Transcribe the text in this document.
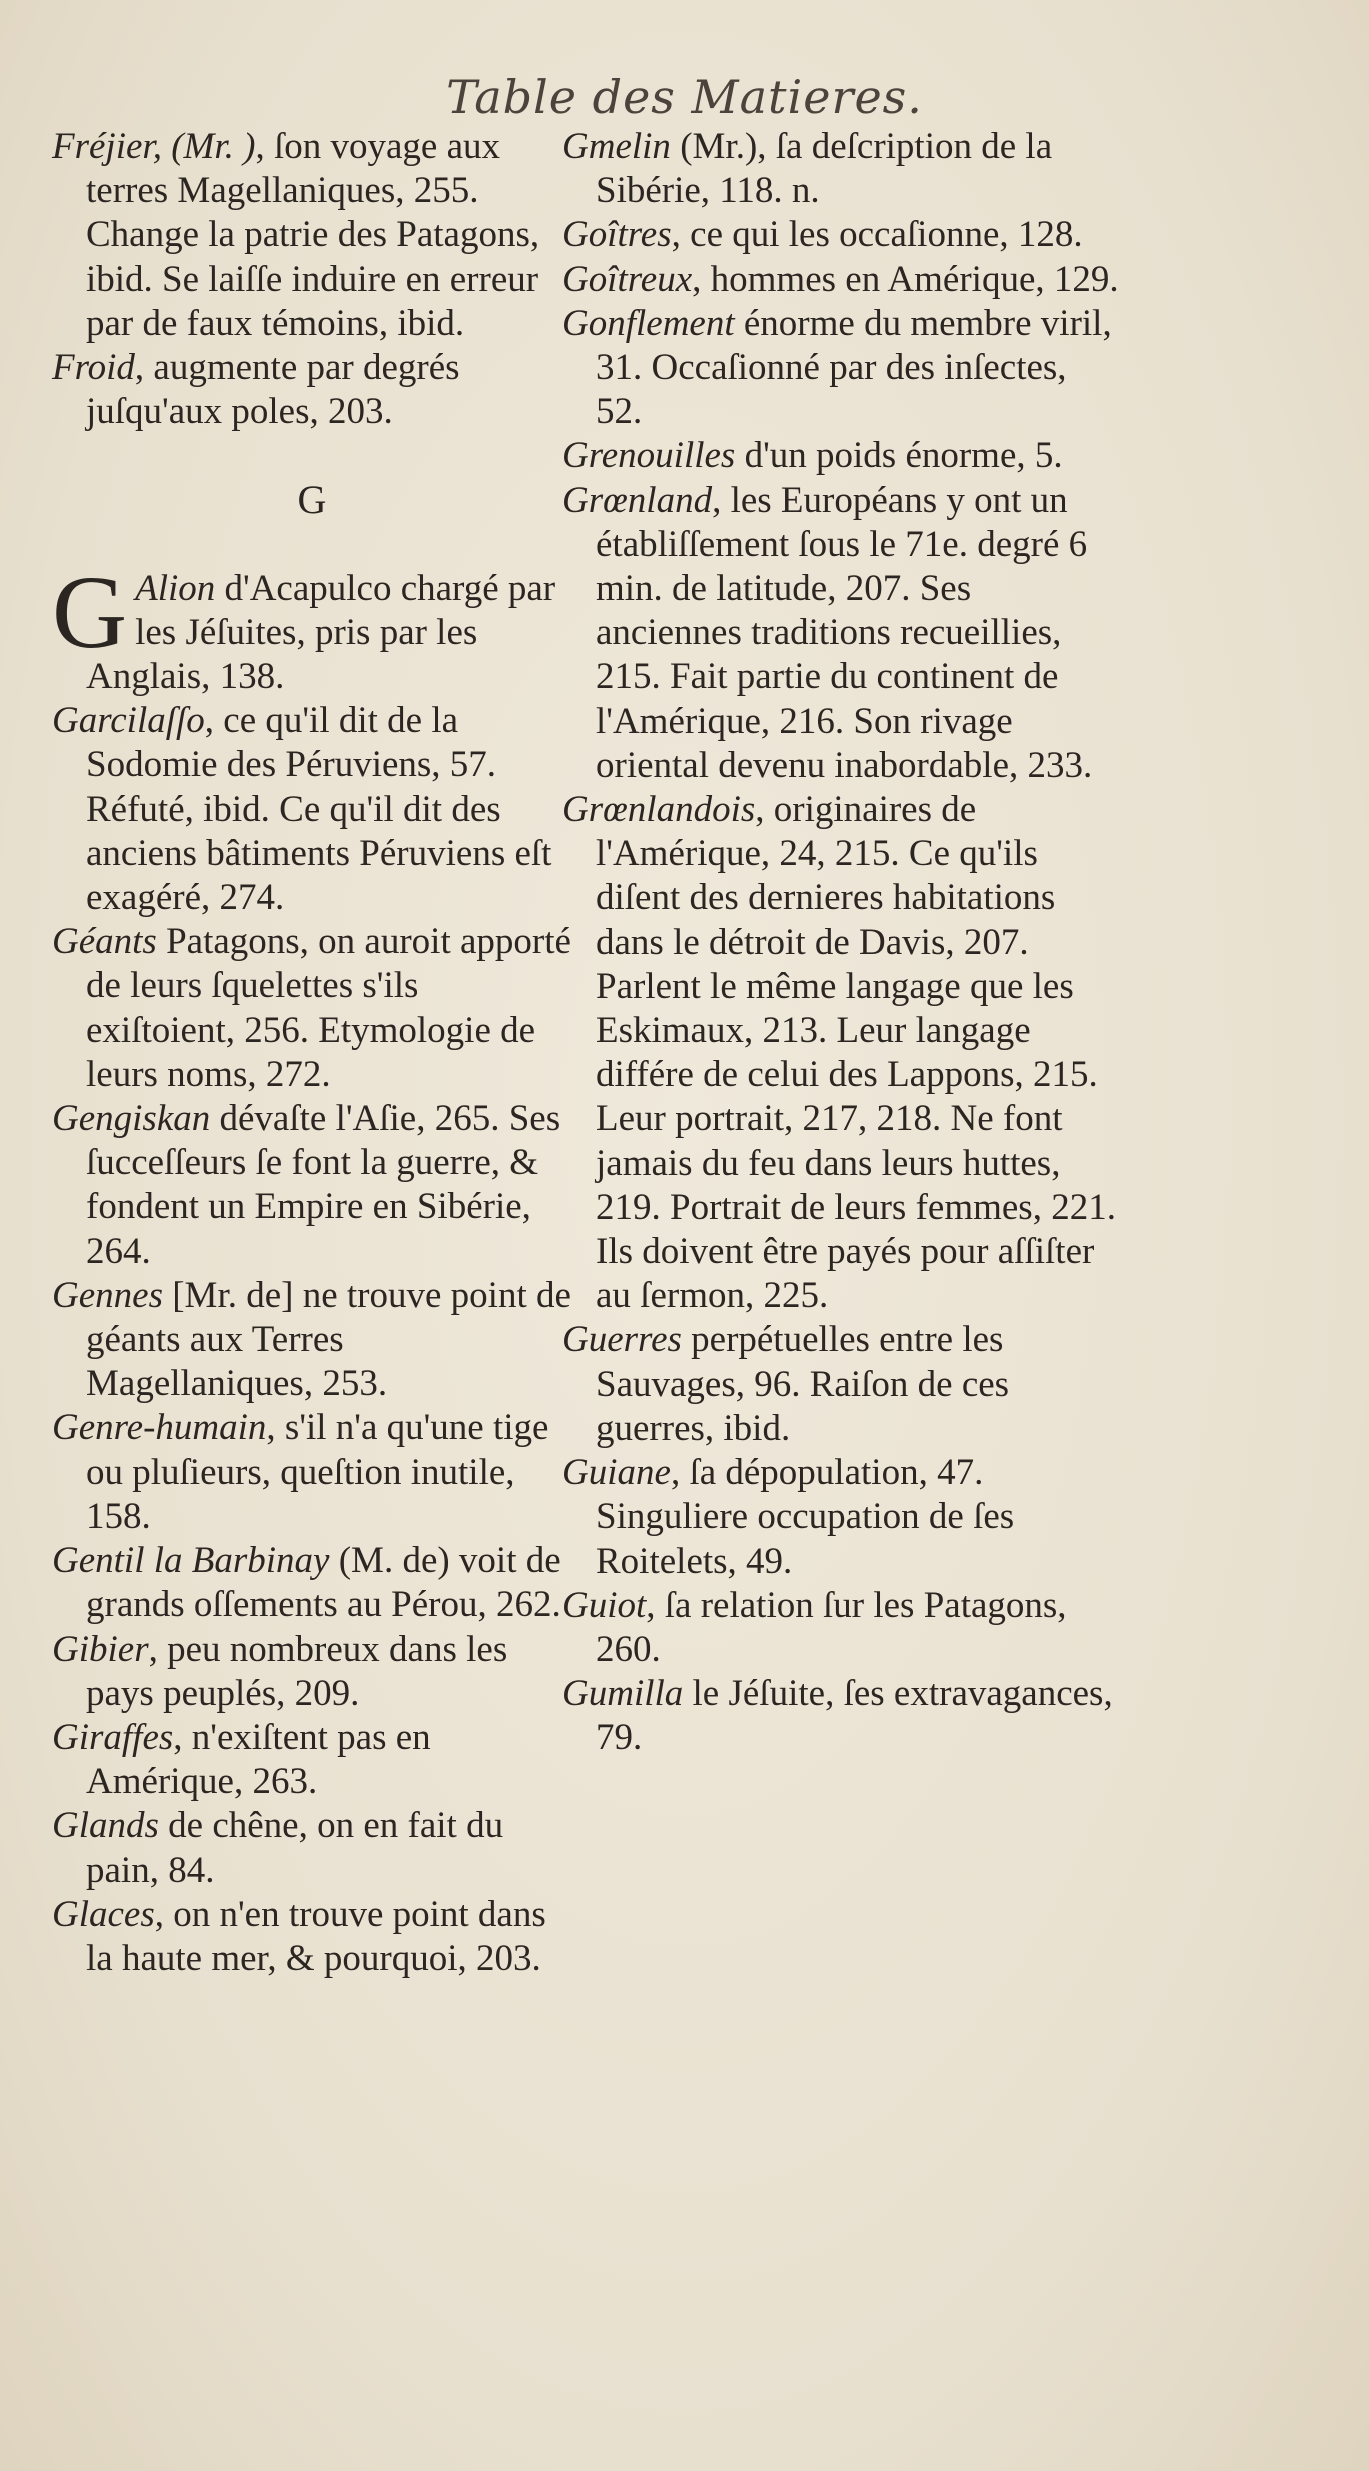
Table des Matieres.

Fréjier, (Mr. ), ſon voyage aux terres Magellaniques, 255. Change la patrie des Patagons, ibid. Se laiſſe induire en erreur par de faux témoins, ibid.

Froid, augmente par degrés juſqu'aux poles, 203.

G

G Alion d'Acapulco chargé par les Jéſuites, pris par les Anglais, 138.

Garcilaſſo, ce qu'il dit de la Sodomie des Péruviens, 57. Réfuté, ibid. Ce qu'il dit des anciens bâtiments Péruviens eſt exagéré, 274.

Géants Patagons, on auroit apporté de leurs ſquelettes s'ils exiſtoient, 256. Etymologie de leurs noms, 272.

Gengiskan dévaſte l'Aſie, 265. Ses ſucceſſeurs ſe font la guerre, & fondent un Empire en Sibérie, 264.

Gennes [Mr. de] ne trouve point de géants aux Terres Magellaniques, 253.

Genre-humain, s'il n'a qu'une tige ou pluſieurs, queſtion inutile, 158.

Gentil la Barbinay (M. de) voit de grands oſſements au Pérou, 262.

Gibier, peu nombreux dans les pays peuplés, 209.

Giraffes, n'exiſtent pas en Amérique, 263.

Glands de chêne, on en fait du pain, 84.

Glaces, on n'en trouve point dans la haute mer, & pourquoi, 203.

Gmelin (Mr.), ſa deſcription de la Sibérie, 118. n.

Goîtres, ce qui les occaſionne, 128.

Goîtreux, hommes en Amérique, 129.

Gonflement énorme du membre viril, 31. Occaſionné par des inſectes, 52.

Grenouilles d'un poids énorme, 5.

Grœnland, les Européans y ont un établiſſement ſous le 71e. degré 6 min. de latitude, 207. Ses anciennes traditions recueillies, 215. Fait partie du continent de l'Amérique, 216. Son rivage oriental devenu inabordable, 233.

Grœnlandois, originaires de l'Amérique, 24, 215. Ce qu'ils diſent des dernieres habitations dans le détroit de Davis, 207. Parlent le même langage que les Eskimaux, 213. Leur langage différe de celui des Lappons, 215. Leur portrait, 217, 218. Ne font jamais du feu dans leurs huttes, 219. Portrait de leurs femmes, 221. Ils doivent être payés pour aſſiſter au ſermon, 225.

Guerres perpétuelles entre les Sauvages, 96. Raiſon de ces guerres, ibid.

Guiane, ſa dépopulation, 47. Singuliere occupation de ſes Roitelets, 49.

Guiot, ſa relation ſur les Patagons, 260.

Gumilla le Jéſuite, ſes extravagances, 79.
